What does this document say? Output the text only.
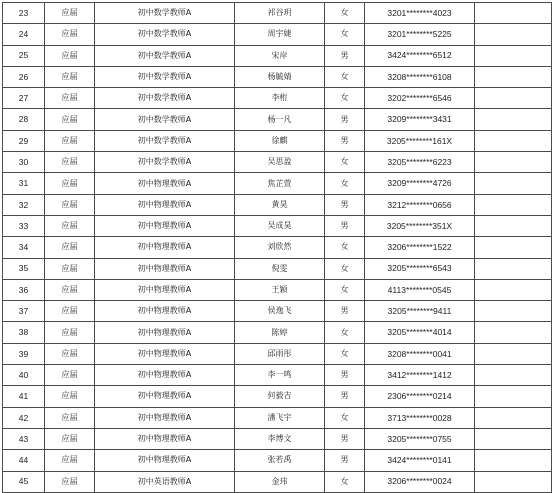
23	应届	初中数学教师A	祁谷玥	女	3201********4023	
24	应届	初中数学教师A	周宇婕	女	3201********5225	
25	应届	初中数学教师A	宋岸	男	3424********6512	
26	应届	初中数学教师A	杨毓婧	女	3208********6108	
27	应届	初中数学教师A	李桁	女	3202********6546	
28	应届	初中数学教师A	杨一凡	男	3209********3431	
29	应届	初中数学教师A	徐麒	男	3205********161X	
30	应届	初中数学教师A	吴思盈	女	3205********6223	
31	应届	初中物理教师A	焦芷萱	女	3209********4726	
32	应届	初中物理教师A	黄昊	男	3212********0656	
33	应届	初中物理教师A	吴成昊	男	3205********351X	
34	应届	初中物理教师A	刘欣然	女	3206********1522	
35	应届	初中物理教师A	倪雯	女	3205********6543	
36	应届	初中物理教师A	王颖	女	4113********0545	
37	应届	初中物理教师A	侯逸飞	男	3205********9411	
38	应届	初中物理教师A	陈婷	女	3205********4014	
39	应届	初中物理教师A	邱雨彤	女	3208********0041	
40	应届	初中物理教师A	李一鸣	男	3412********1412	
41	应届	初中物理教师A	何毅吉	男	2306********0214	
42	应届	初中物理教师A	潘飞宇	女	3713********0028	
43	应届	初中物理教师A	李博文	男	3205********0755	
44	应届	初中物理教师A	张若禹	男	3424********0141	
45	应届	初中英语教师A	金玮	女	3206********0024	
